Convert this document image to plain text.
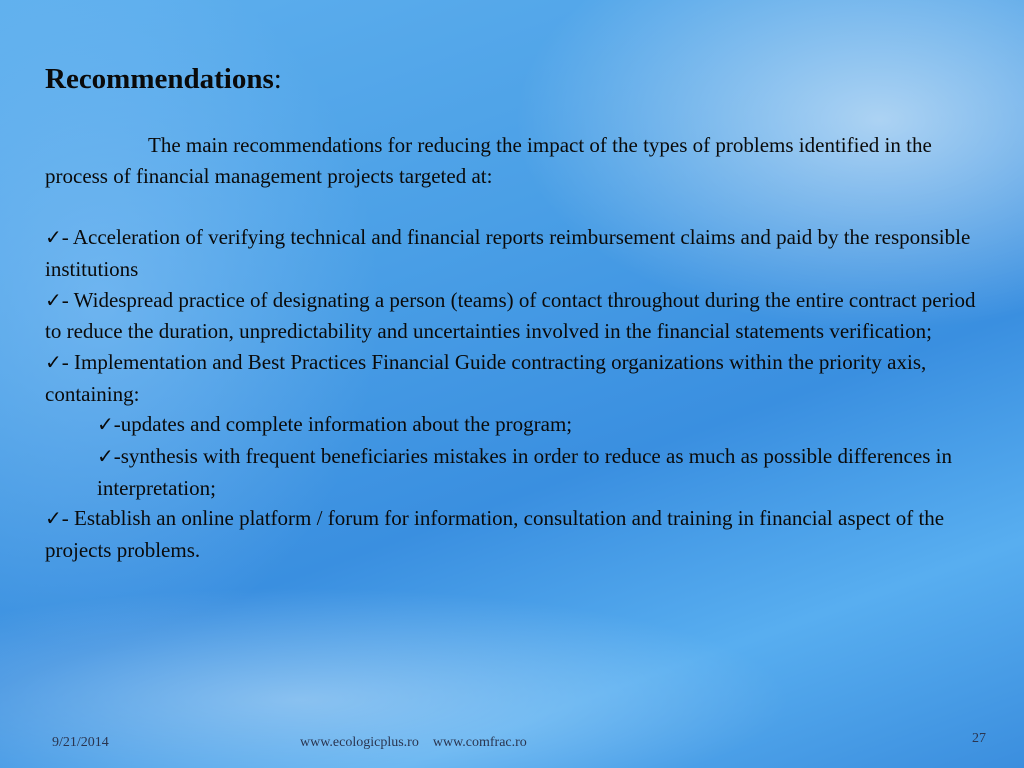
Recommendations:

The main recommendations for reducing the impact of the types of problems identified in the process of financial management projects targeted at:

✓- Acceleration of verifying technical and financial reports reimbursement claims and paid by the responsible institutions

✓- Widespread practice of designating a person (teams) of contact throughout during the entire contract period to reduce the duration, unpredictability and uncertainties involved in the financial statements verification;

✓- Implementation and Best Practices Financial Guide contracting organizations within the priority axis, containing:

✓-updates and complete information about the program;

✓-synthesis with frequent beneficiaries mistakes in order to reduce as much as possible differences in interpretation;

✓- Establish an online platform / forum for information, consultation and training in financial aspect of the projects problems.

9/21/2014	www.ecologicplus.ro www.comfrac.ro	27
